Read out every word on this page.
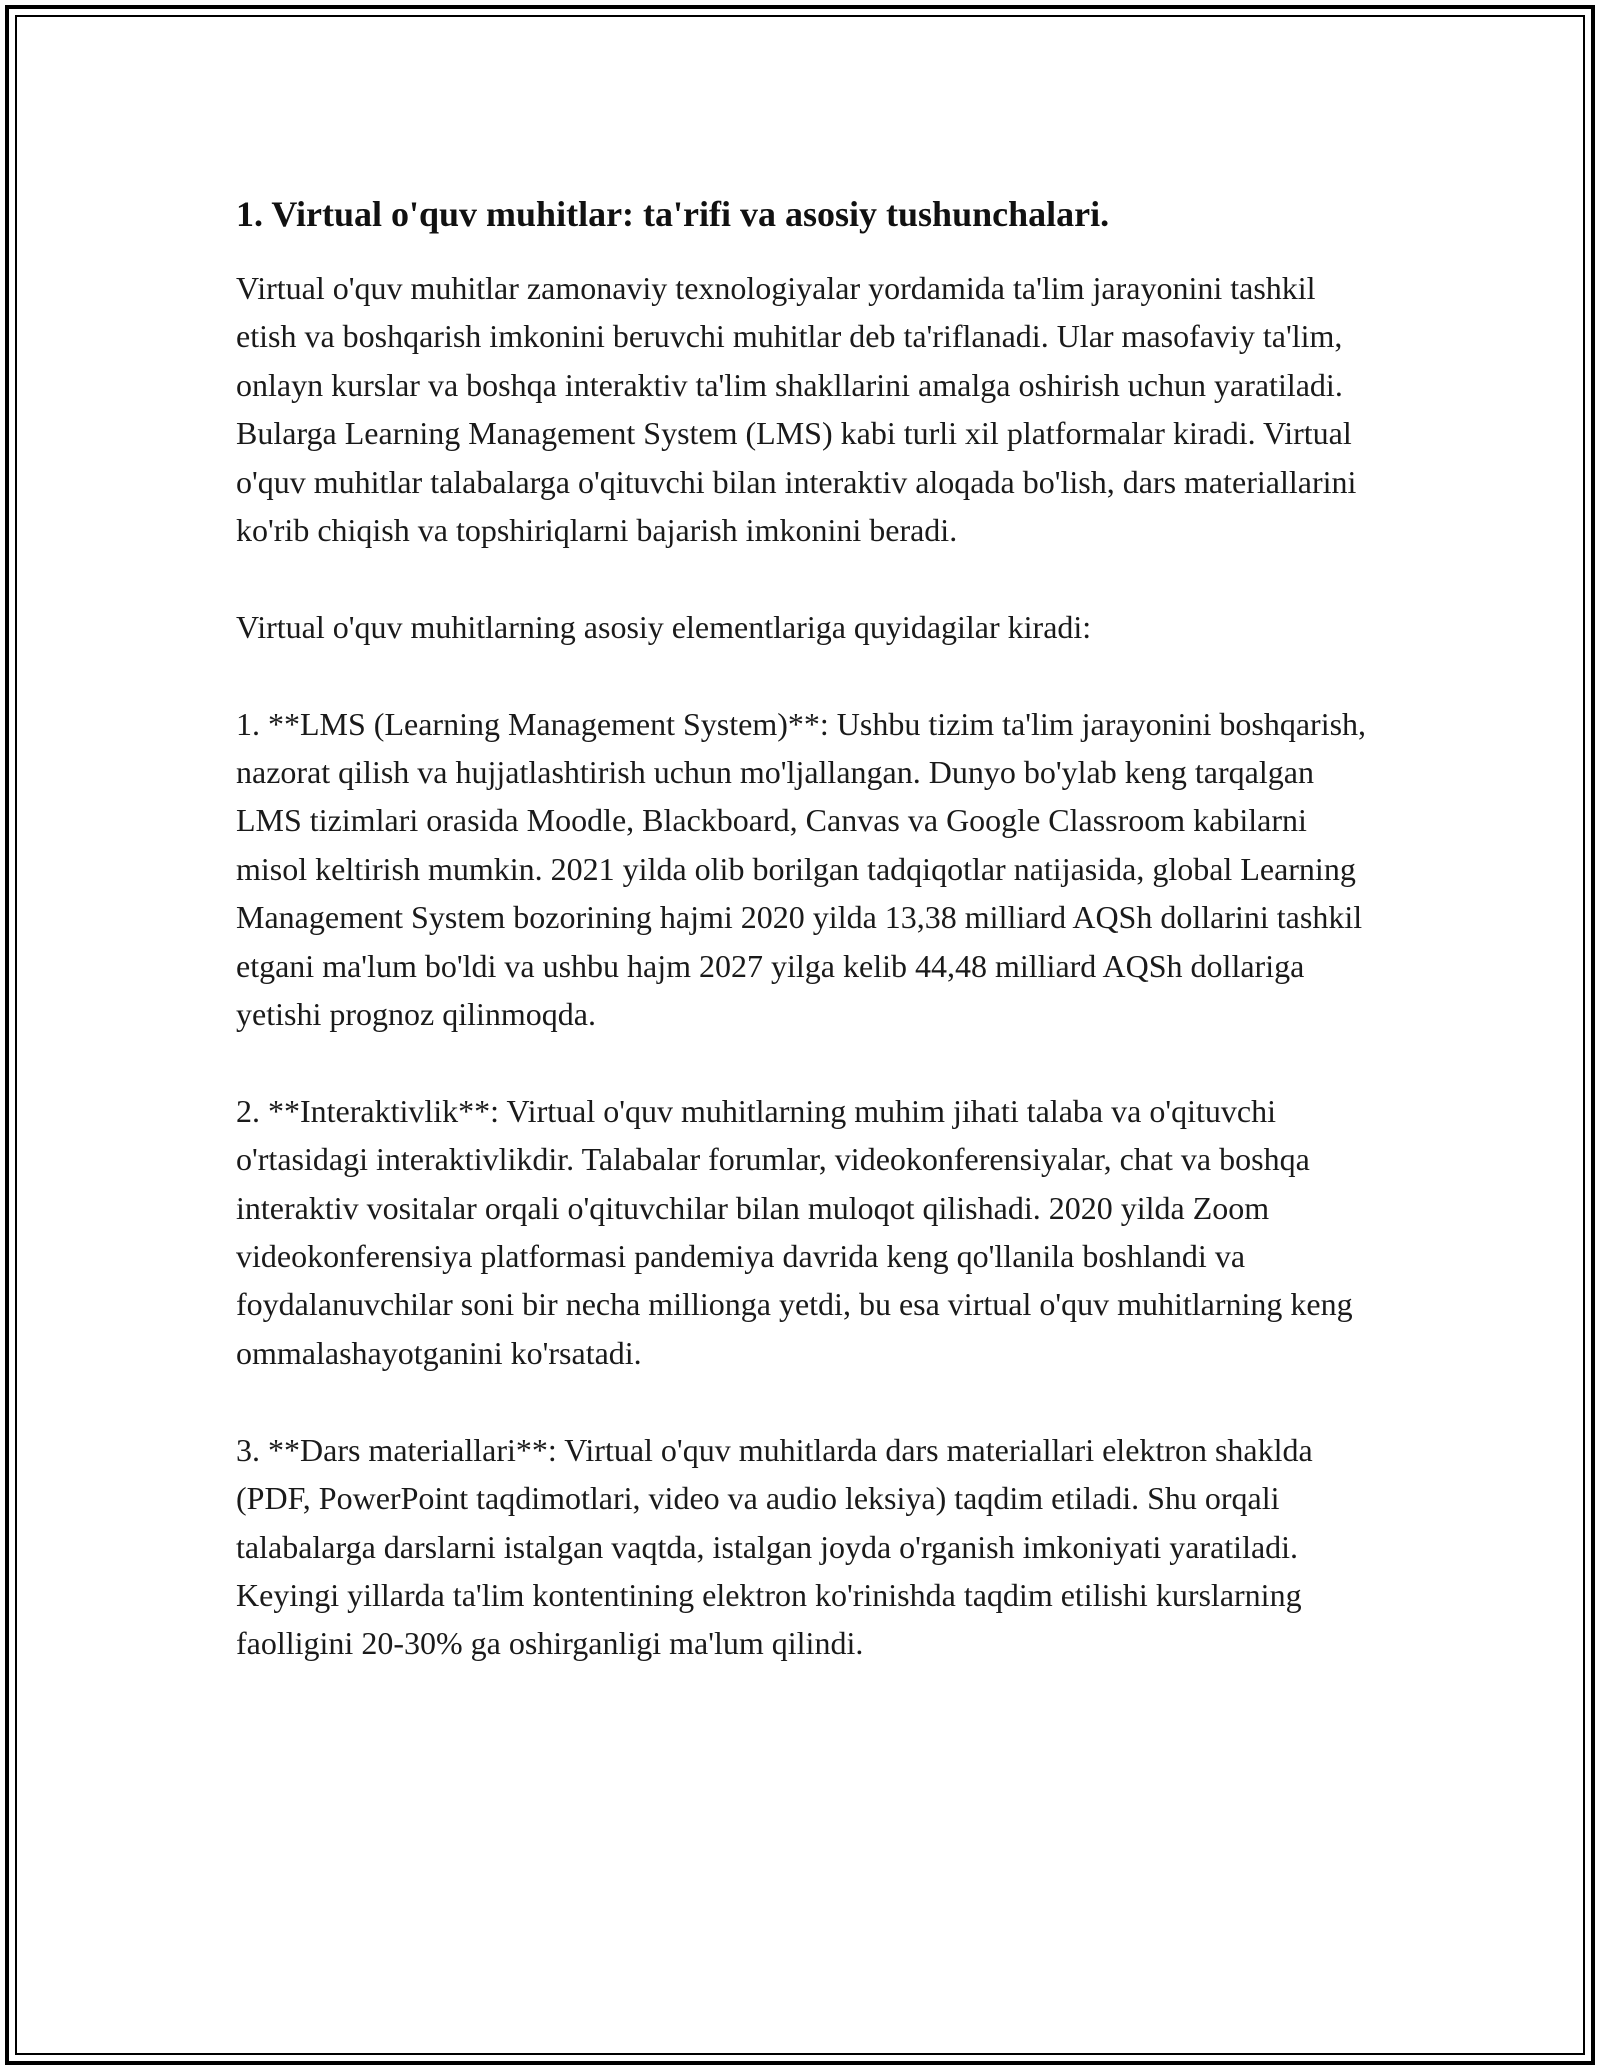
1. Virtual o'quv muhitlar: ta'rifi va asosiy tushunchalari.

Virtual o'quv muhitlar zamonaviy texnologiyalar yordamida ta'lim jarayonini tashkil etish va boshqarish imkonini beruvchi muhitlar deb ta'riflanadi. Ular masofaviy ta'lim, onlayn kurslar va boshqa interaktiv ta'lim shakllarini amalga oshirish uchun yaratiladi. Bularga Learning Management System (LMS) kabi turli xil platformalar kiradi. Virtual o'quv muhitlar talabalarga o'qituvchi bilan interaktiv aloqada bo'lish, dars materiallarini ko'rib chiqish va topshiriqlarni bajarish imkonini beradi.

Virtual o'quv muhitlarning asosiy elementlariga quyidagilar kiradi:

1. **LMS (Learning Management System)**: Ushbu tizim ta'lim jarayonini boshqarish, nazorat qilish va hujjatlashtirish uchun mo'ljallangan. Dunyo bo'ylab keng tarqalgan LMS tizimlari orasida Moodle, Blackboard, Canvas va Google Classroom kabilarni misol keltirish mumkin. 2021 yilda olib borilgan tadqiqotlar natijasida, global Learning Management System bozorining hajmi 2020 yilda 13,38 milliard AQSh dollarini tashkil etgani ma'lum bo'ldi va ushbu hajm 2027 yilga kelib 44,48 milliard AQSh dollariga yetishi prognoz qilinmoqda.

2. **Interaktivlik**: Virtual o'quv muhitlarning muhim jihati talaba va o'qituvchi o'rtasidagi interaktivlikdir. Talabalar forumlar, videokonferensiyalar, chat va boshqa interaktiv vositalar orqali o'qituvchilar bilan muloqot qilishadi. 2020 yilda Zoom videokonferensiya platformasi pandemiya davrida keng qo'llanila boshlandi va foydalanuvchilar soni bir necha millionga yetdi, bu esa virtual o'quv muhitlarning keng ommalashayotganini ko'rsatadi.

3. **Dars materiallari**: Virtual o'quv muhitlarda dars materiallari elektron shaklda (PDF, PowerPoint taqdimotlari, video va audio leksiya) taqdim etiladi. Shu orqali talabalarga darslarni istalgan vaqtda, istalgan joyda o'rganish imkoniyati yaratiladi. Keyingi yillarda ta'lim kontentining elektron ko'rinishda taqdim etilishi kurslarning faolligini 20-30% ga oshirganligi ma'lum qilindi.
